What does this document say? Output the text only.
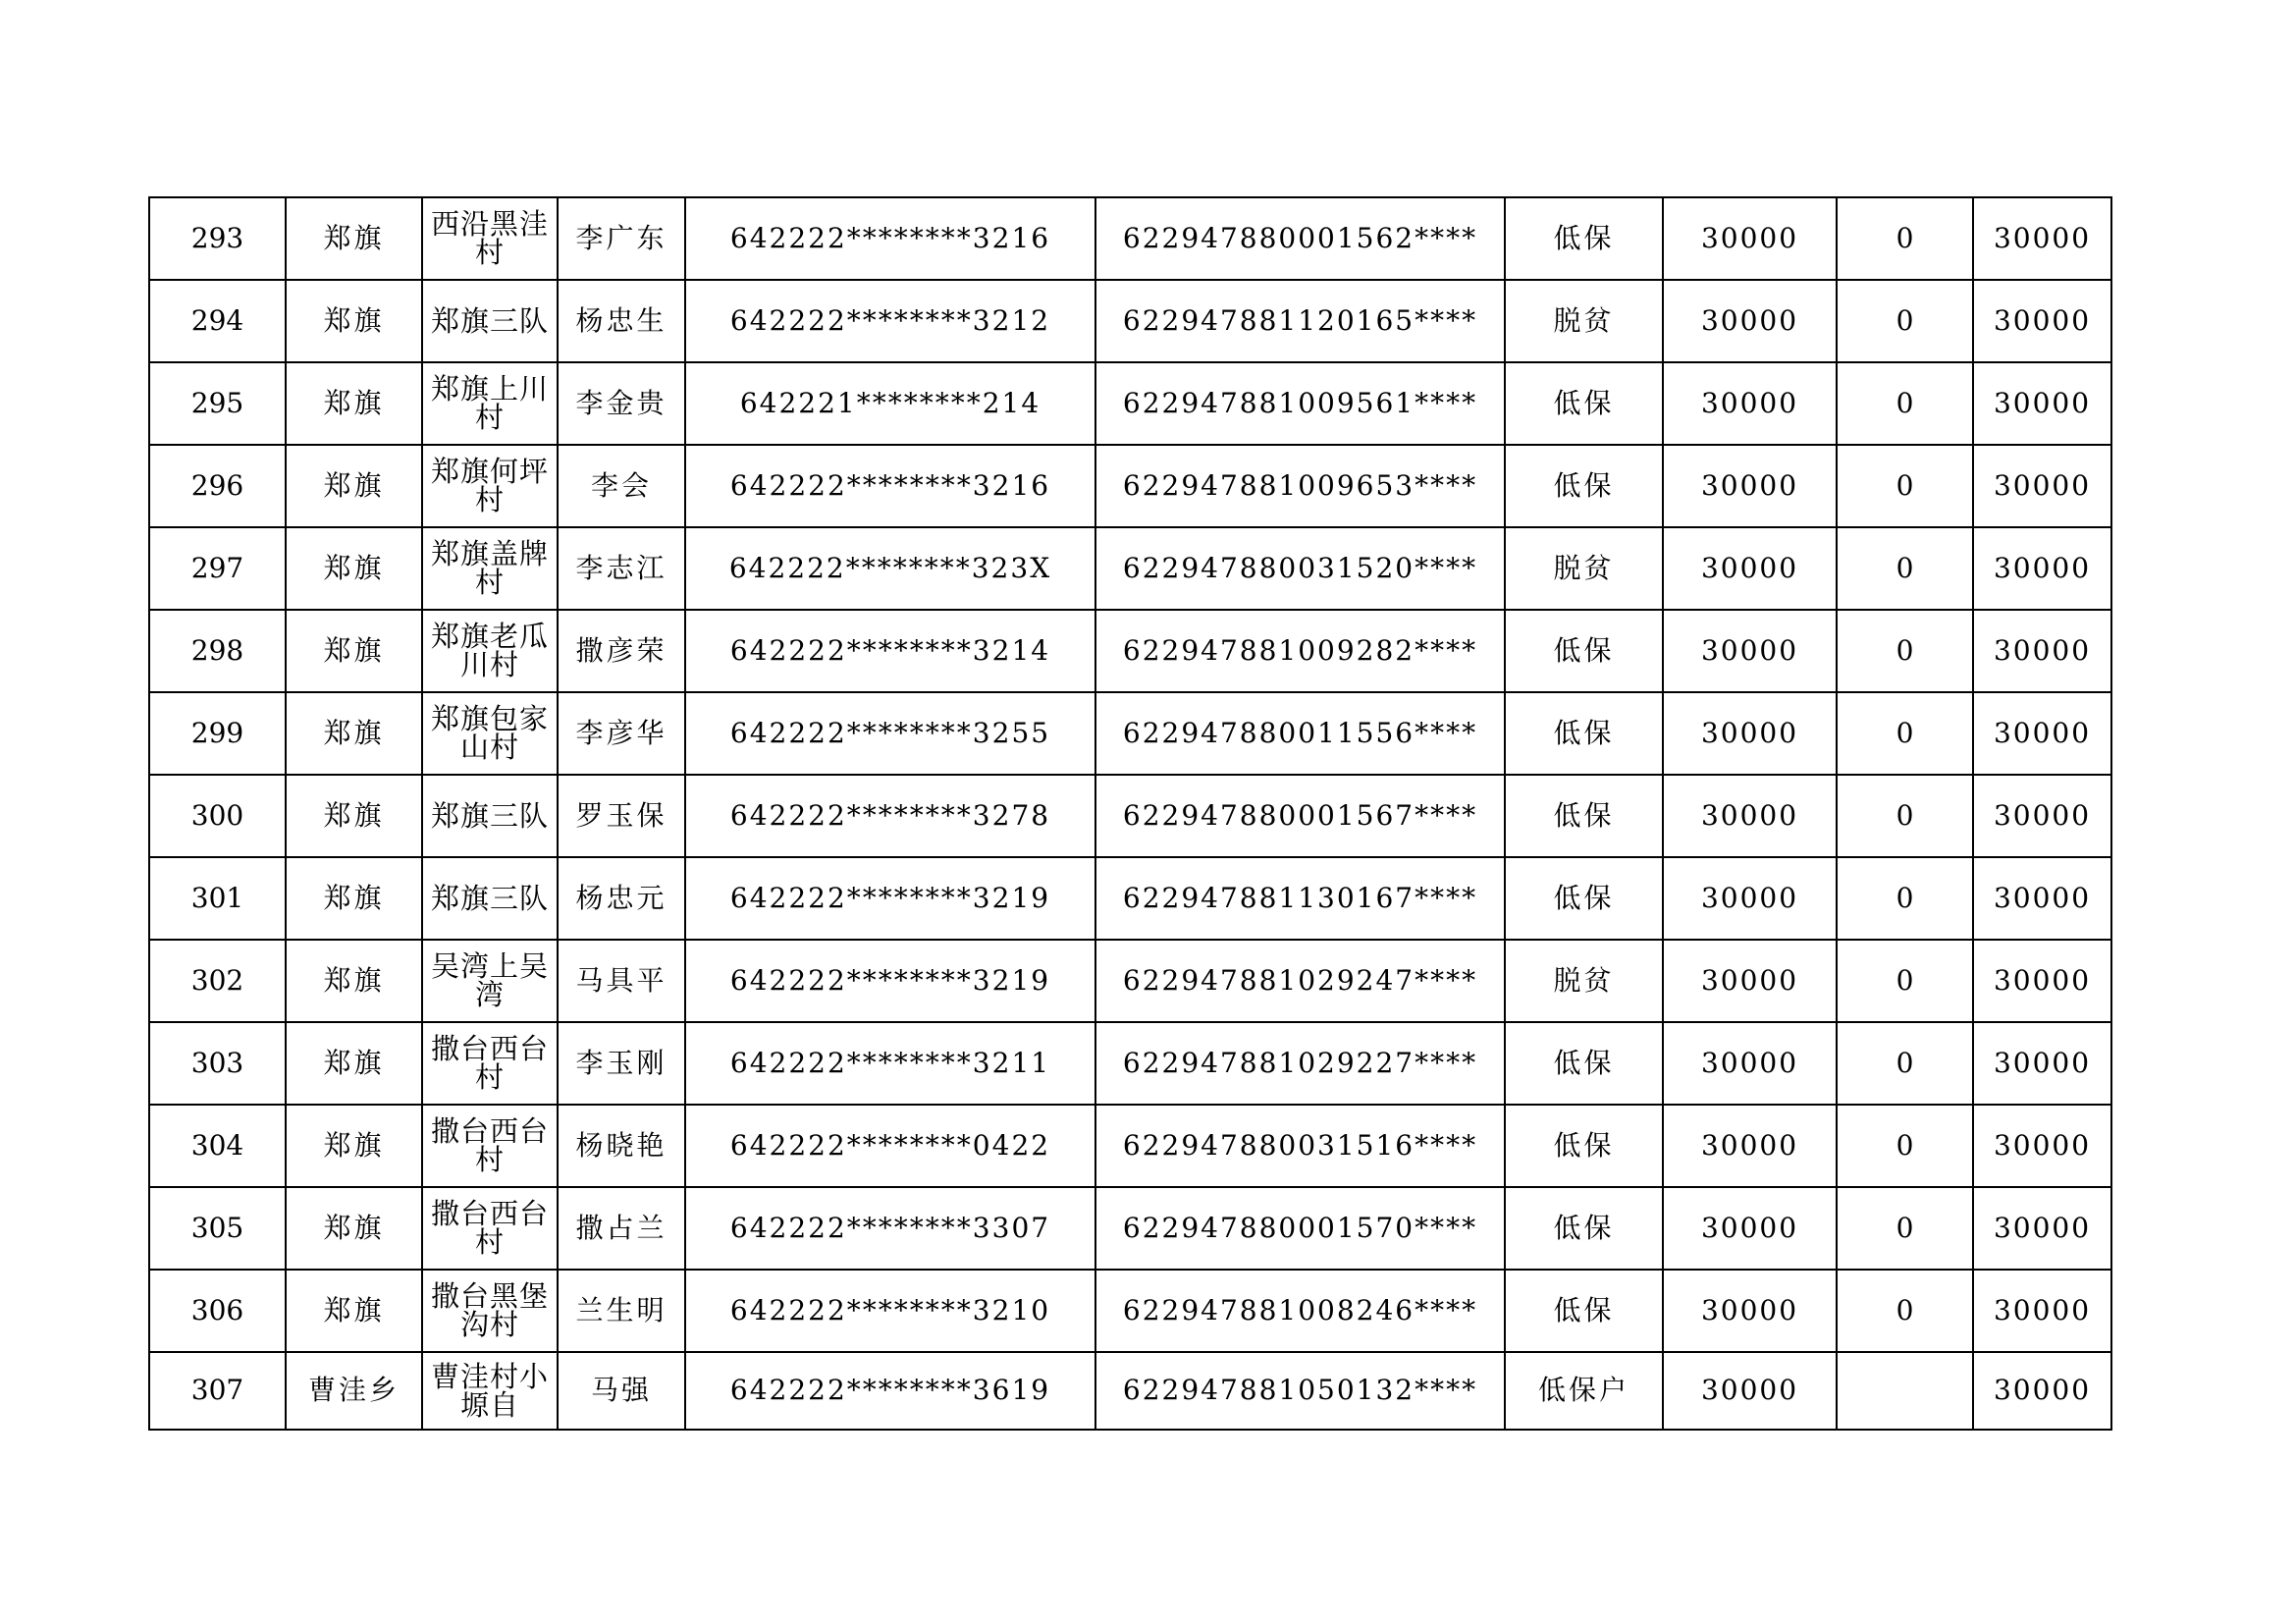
293	郑旗	西沿黑洼村	李广东	642222********3216	622947880001562****	低保	30000	0	30000
294	郑旗	郑旗三队	杨忠生	642222********3212	622947881120165****	脱贫	30000	0	30000
295	郑旗	郑旗上川村	李金贵	642221********214	622947881009561****	低保	30000	0	30000
296	郑旗	郑旗何坪村	李会	642222********3216	622947881009653****	低保	30000	0	30000
297	郑旗	郑旗盖牌村	李志江	642222********323X	622947880031520****	脱贫	30000	0	30000
298	郑旗	郑旗老瓜川村	撒彦荣	642222********3214	622947881009282****	低保	30000	0	30000
299	郑旗	郑旗包家山村	李彦华	642222********3255	622947880011556****	低保	30000	0	30000
300	郑旗	郑旗三队	罗玉保	642222********3278	622947880001567****	低保	30000	0	30000
301	郑旗	郑旗三队	杨忠元	642222********3219	622947881130167****	低保	30000	0	30000
302	郑旗	吴湾上吴湾	马具平	642222********3219	622947881029247****	脱贫	30000	0	30000
303	郑旗	撒台西台村	李玉刚	642222********3211	622947881029227****	低保	30000	0	30000
304	郑旗	撒台西台村	杨晓艳	642222********0422	622947880031516****	低保	30000	0	30000
305	郑旗	撒台西台村	撒占兰	642222********3307	622947880001570****	低保	30000	0	30000
306	郑旗	撒台黑堡沟村	兰生明	642222********3210	622947881008246****	低保	30000	0	30000
307	曹洼乡	曹洼村小塬自	马强	642222********3619	622947881050132****	低保户	30000		30000
